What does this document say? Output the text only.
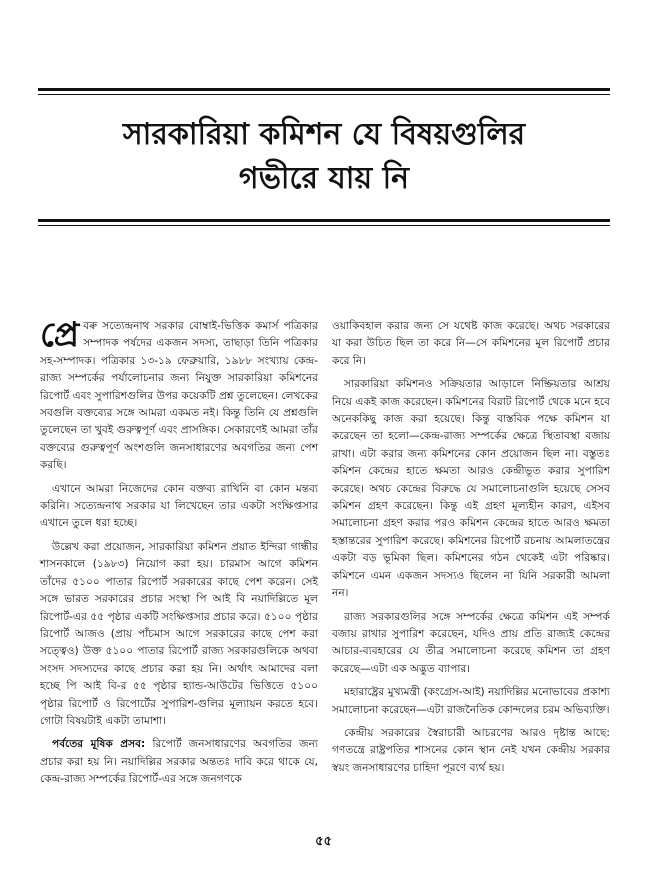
সারকারিয়া কমিশন যে বিষয়গুলির
গভীরে যায় নি

প্রে বৰু সত্যেন্দ্রনাথ সরকার বোম্বাই-ভিত্তিক কমার্স পত্রিকার সম্পাদক পর্ষদের একজন সদস্য, তাছাড়া তিনি পত্রিকার সহ-সম্পাদক। পত্রিকার ১৩-১৯ ফেব্রুয়ারি, ১৯৮৮ সংখ্যায় কেন্দ্র-রাজ্য সম্পর্কের পর্যালোচনার জন্য নিযুক্ত সারকারিয়া কমিশনের রিপোর্ট এবং সুপারিশগুলির উপর কয়েকটি প্রশ্ন তুলেছেন। লেখকের সবগুলি বক্তব্যের সঙ্গে আমরা একমত নই। কিন্তু তিনি যে প্রশ্নগুলি তুলেছেন তা খুবই গুরুত্বপূর্ণ এবং প্রাসঙ্গিক। সেকারণেই আমরা তাঁর বক্তব্যের গুরুত্বপূর্ণ অংশগুলি জনসাধারণের অবগতির জন্য পেশ করছি।

এখানে আমরা নিজেদের কোন বক্তব্য রাখিনি বা কোন মন্তব্য করিনি। সত্যেন্দ্রনাথ সরকার যা লিখেছেন তার একটা সংক্ষিপ্তসার এখানে তুলে ধরা হচ্ছে।

উল্লেখ করা প্রয়োজন, সারকারিয়া কমিশন প্রয়াত ইন্দিরা গান্ধীর শাসনকালে (১৯৮৩) নিয়োগ করা হয়। চারমাস আগে কমিশন তাঁদের ৫১০০ পাতার রিপোর্ট সরকারের কাছে পেশ করেন। সেই সঙ্গে ভারত সরকারের প্রচার সংস্থা পি আই বি নয়াদিল্লিতে মূল রিপোর্ট-এর ৫৫ পৃষ্ঠার একটি সংক্ষিপ্তসার প্রচার করে। ৫১০০ পৃষ্ঠার রিপোর্ট আজও (প্রায় পাঁচমাস আগে সরকারের কাছে পেশ করা সত্ত্বেও) উক্ত ৫১০০ পাতার রিপোর্ট রাজ্য সরকারগুলিকে অথবা সংসদ সদস্যদের কাছে প্রচার করা হয় নি। অর্থাৎ আমাদের বলা হচ্ছে পি আই বি-র ৫৫ পৃষ্ঠার হ্যান্ড-আউটের ভিত্তিতে ৫১০০ পৃষ্ঠার রিপোর্ট ও রিপোর্টের সুপারিশ-গুলির মূল্যায়ন করতে হবে। গোটা বিষয়টাই একটা তামাশা।

পর্বতের মূষিক প্রসব: রিপোর্ট জনসাধারণের অবগতির জন্য প্রচার করা হয় নি। নয়াদিল্লির সরকার অন্ততঃ দাবি করে থাকে যে, কেন্দ্র-রাজ্য সম্পর্কের রিপোর্ট-এর সঙ্গে জনগণকে

ওয়াকিবহাল করার জন্য সে যথেষ্ট কাজ করেছে। অথচ সরকারের যা করা উচিত ছিল তা করে নি—সে কমিশনের মূল রিপোর্ট প্রচার করে নি।

সারকারিয়া কমিশনও সক্রিয়তার আড়ালে নিষ্ক্রিয়তার আশ্রয় নিয়ে একই কাজ করেছেন। কমিশনের বিরাট রিপোর্ট থেকে মনে হবে অনেককিছু কাজ করা হয়েছে। কিন্তু বাস্তবিক পক্ষে কমিশন যা করেছেন তা হলো—কেন্দ্র-রাজ্য সম্পর্কের ক্ষেত্রে স্থিতাবস্থা বজায় রাখা। এটা করার জন্য কমিশনের কোন প্রয়োজন ছিল না। বস্তুতঃ কমিশন কেন্দ্রের হাতে ক্ষমতা আরও কেন্দ্রীভূত করার সুপারিশ করেছে। অথচ কেন্দ্রের বিরুদ্ধে যে সমালোচনাগুলি হয়েছে সেসব কমিশন গ্রহণ করেছেন। কিন্তু এই গ্রহণ মূল্যহীন কারণ, এইসব সমালোচনা গ্রহণ করার পরও কমিশন কেন্দ্রের হাতে আরও ক্ষমতা হস্তান্তরের সুপারিশ করেছে। কমিশনের রিপোর্ট রচনায় আমলাতন্ত্রের একটা বড় ভূমিকা ছিল। কমিশনের গঠন থেকেই এটা পরিষ্কার। কমিশনে এমন একজন সদস্যও ছিলেন না যিনি সরকারী আমলা নন।

রাজ্য সরকারগুলির সঙ্গে সম্পর্কের ক্ষেত্রে কমিশন এই সম্পর্ক বজায় রাখার সুপারিশ করেছেন, যদিও প্রায় প্রতি রাজ্যই কেন্দ্রের আচার-ব্যবহারের যে তীব্র সমালোচনা করেছে কমিশন তা গ্রহণ করেছে—এটা এক অদ্ভুত ব্যাপার।

মহারাষ্ট্রের মুখ্যমন্ত্রী (কংগ্রেস-আই) নয়াদিল্লির মনোভাবের প্রকাশ্য সমালোচনা করেছেন—এটা রাজনৈতিক কোন্দলের চরম অভিব্যক্তি।

কেন্দ্রীয় সরকারের স্বৈরাচারী আচরণের আরও দৃষ্টান্ত আছে: গণতন্ত্রে রাষ্ট্রপতির শাসনের কোন স্থান নেই যখন কেন্দ্রীয় সরকার স্বয়ং জনসাধারণের চাহিদা পূরণে ব্যর্থ হয়।

৫৫
